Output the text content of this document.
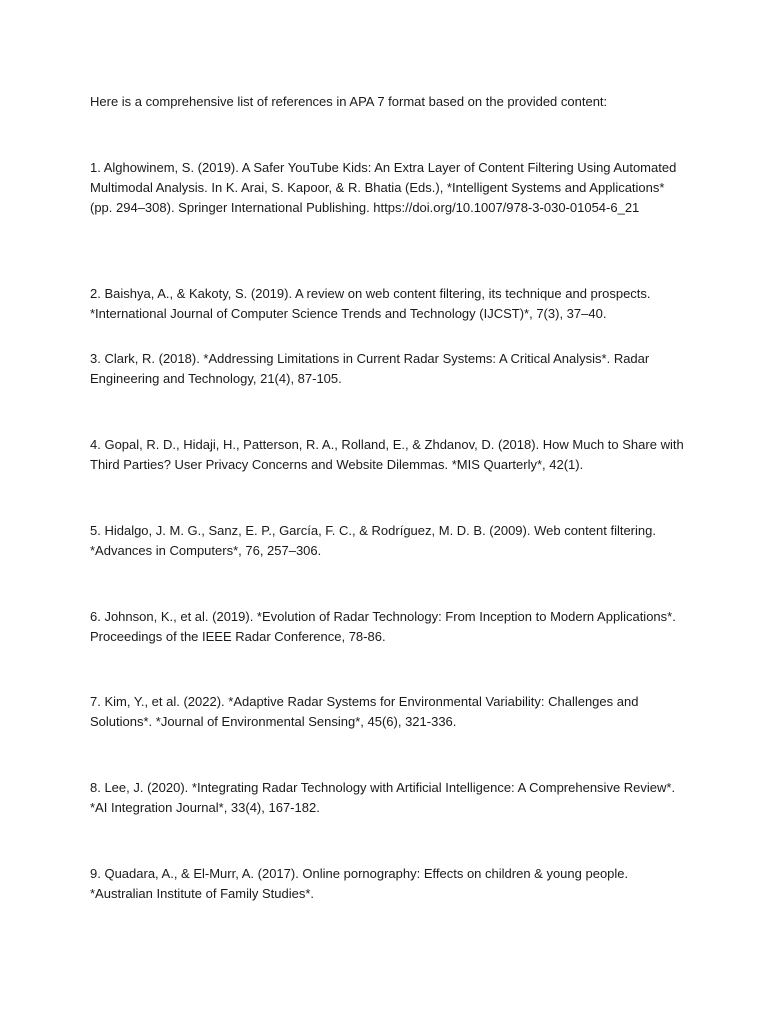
Here is a comprehensive list of references in APA 7 format based on the provided content:

1. Alghowinem, S. (2019). A Safer YouTube Kids: An Extra Layer of Content Filtering Using Automated Multimodal Analysis. In K. Arai, S. Kapoor, & R. Bhatia (Eds.), *Intelligent Systems and Applications* (pp. 294–308). Springer International Publishing. https://doi.org/10.1007/978-3-030-01054-6_21

2. Baishya, A., & Kakoty, S. (2019). A review on web content filtering, its technique and prospects. *International Journal of Computer Science Trends and Technology (IJCST)*, 7(3), 37–40.

3. Clark, R. (2018). *Addressing Limitations in Current Radar Systems: A Critical Analysis*. Radar Engineering and Technology, 21(4), 87-105.

4. Gopal, R. D., Hidaji, H., Patterson, R. A., Rolland, E., & Zhdanov, D. (2018). How Much to Share with Third Parties? User Privacy Concerns and Website Dilemmas. *MIS Quarterly*, 42(1).

5. Hidalgo, J. M. G., Sanz, E. P., García, F. C., & Rodríguez, M. D. B. (2009). Web content filtering. *Advances in Computers*, 76, 257–306.

6. Johnson, K., et al. (2019). *Evolution of Radar Technology: From Inception to Modern Applications*. Proceedings of the IEEE Radar Conference, 78-86.

7. Kim, Y., et al. (2022). *Adaptive Radar Systems for Environmental Variability: Challenges and Solutions*. *Journal of Environmental Sensing*, 45(6), 321-336.

8. Lee, J. (2020). *Integrating Radar Technology with Artificial Intelligence: A Comprehensive Review*. *AI Integration Journal*, 33(4), 167-182.

9. Quadara, A., & El-Murr, A. (2017). Online pornography: Effects on children & young people. *Australian Institute of Family Studies*.
